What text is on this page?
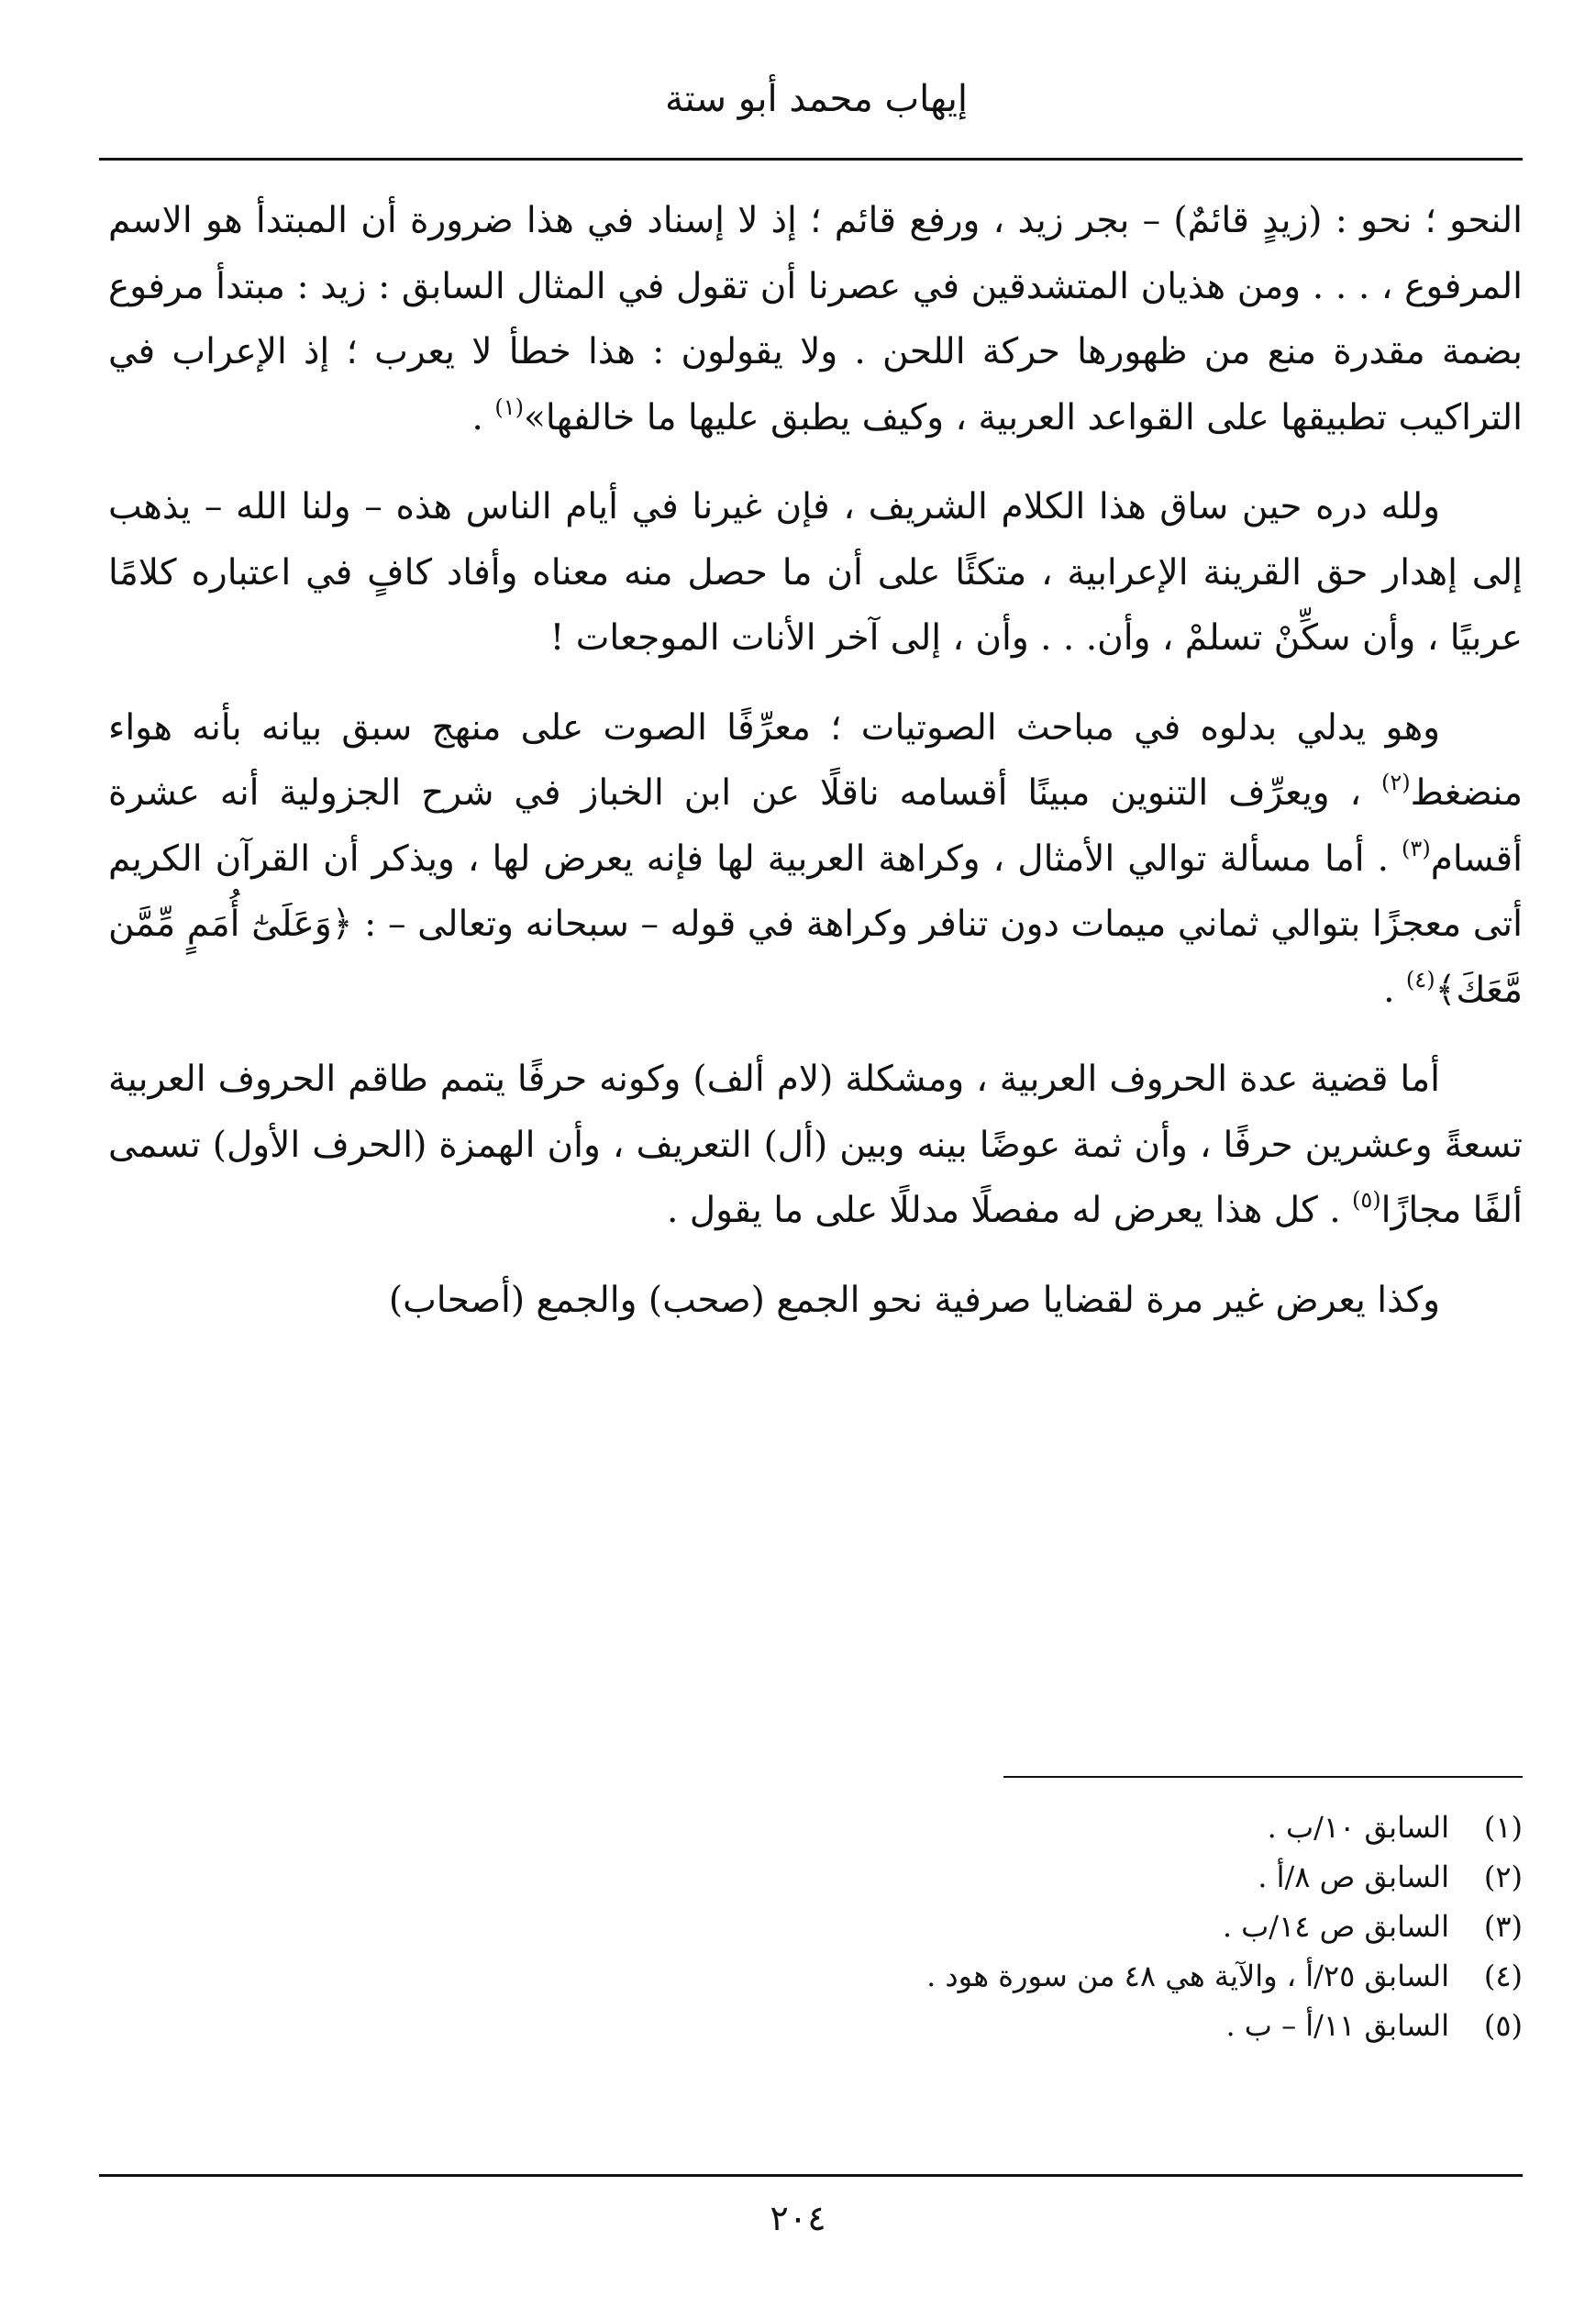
إيهاب محمد أبو ستة

النحو ؛ نحو : (زيدٍ قائمٌ) – بجر زيد ، ورفع قائم ؛ إذ لا إسناد في هذا ضرورة أن المبتدأ هو الاسم المرفوع ، . . . ومن هذيان المتشدقين في عصرنا أن تقول في المثال السابق : زيد : مبتدأ مرفوع بضمة مقدرة منع من ظهورها حركة اللحن . ولا يقولون : هذا خطأ لا يعرب ؛ إذ الإعراب في التراكيب تطبيقها على القواعد العربية ، وكيف يطبق عليها ما خالفها»$^{(١)}$ .

ولله دره حين ساق هذا الكلام الشريف ، فإن غيرنا في أيام الناس هذه – ولنا الله – يذهب إلى إهدار حق القرينة الإعرابية ، متكئًا على أن ما حصل منه معناه وأفاد كافٍ في اعتباره كلامًا عربيًا ، وأن سكِّنْ تسلمْ ، وأن. . . وأن ، إلى آخر الأنات الموجعات !

وهو يدلي بدلوه في مباحث الصوتيات ؛ معرِّفًا الصوت على منهج سبق بيانه بأنه هواء منضغط$^{(٢)}$ ، ويعرِّف التنوين مبينًا أقسامه ناقلًا عن ابن الخباز في شرح الجزولية أنه عشرة أقسام$^{(٣)}$ . أما مسألة توالي الأمثال ، وكراهة العربية لها فإنه يعرض لها ، ويذكر أن القرآن الكريم أتى معجزًا بتوالي ثماني ميمات دون تنافر وكراهة في قوله – سبحانه وتعالى – : ﴿وَعَلَىٰٓ أُمَمٍ مِّمَّن مَّعَكَ﴾$^{(٤)}$ .

أما قضية عدة الحروف العربية ، ومشكلة (لام ألف) وكونه حرفًا يتمم طاقم الحروف العربية تسعةً وعشرين حرفًا ، وأن ثمة عوضًا بينه وبين (أل) التعريف ، وأن الهمزة (الحرف الأول) تسمى ألفًا مجازًا$^{(٥)}$ . كل هذا يعرض له مفصلًا مدللًا على ما يقول .

وكذا يعرض غير مرة لقضايا صرفية نحو الجمع (صحب) والجمع (أصحاب)

(١)السابق ١٠/ب .

(٢)السابق ص ٨/أ .

(٣)السابق ص ١٤/ب .

(٤)السابق ٢٥/أ ، والآية هي ٤٨ من سورة هود .

(٥)السابق ١١/أ – ب .

٢٠٤
